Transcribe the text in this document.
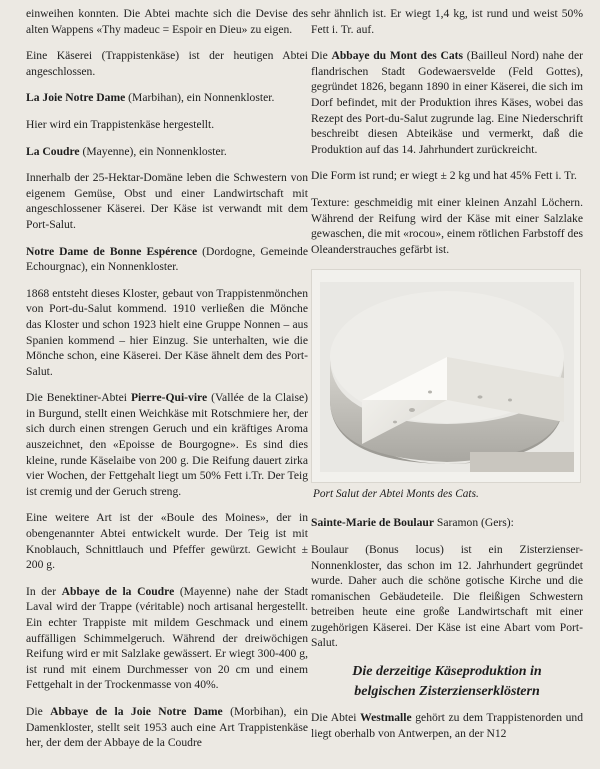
einweihen konnten. Die Abtei machte sich die Devise des alten Wappens «Thy madeuc = Espoir en Dieu» zu eigen.

Eine Käserei (Trappistenkäse) ist der heutigen Abtei angeschlossen.

La Joie Notre Dame (Marbihan), ein Nonnenkloster.

Hier wird ein Trappistenkäse hergestellt.

La Coudre (Mayenne), ein Nonnenkloster.

Innerhalb der 25-Hektar-Domäne leben die Schwestern von eigenem Gemüse, Obst und einer Landwirtschaft mit angeschlossener Käserei. Der Käse ist verwandt mit dem Port-Salut.

Notre Dame de Bonne Espérence (Dordogne, Gemeinde Echourgnac), ein Nonnenkloster.

1868 entsteht dieses Kloster, gebaut von Trappistenmönchen von Port-du-Salut kommend. 1910 verließen die Mönche das Kloster und schon 1923 hielt eine Gruppe Nonnen – aus Spanien kommend – hier Einzug. Sie unterhalten, wie die Mönche schon, eine Käserei. Der Käse ähnelt dem des Port-Salut.

Die Benektiner-Abtei Pierre-Qui-vire (Vallée de la Claise) in Burgund, stellt einen Weichkäse mit Rotschmiere her, der sich durch einen strengen Geruch und ein kräftiges Aroma auszeichnet, den «Epoisse de Bourgogne». Es sind dies kleine, runde Käselaibe von 200 g. Die Reifung dauert zirka vier Wochen, der Fettgehalt liegt um 50% Fett i.Tr. Der Teig ist cremig und der Geruch streng.

Eine weitere Art ist der «Boule des Moines», der in obengenannter Abtei entwickelt wurde. Der Teig ist mit Knoblauch, Schnittlauch und Pfeffer gewürzt. Gewicht ± 200 g.

In der Abbaye de la Coudre (Mayenne) nahe der Stadt Laval wird der Trappe (véritable) noch artisanal hergestellt. Ein echter Trappiste mit mildem Geschmack und einem auffälligen Schimmelgeruch. Während der dreiwöchigen Reifung wird er mit Salzlake gewässert. Er wiegt 300-400 g, ist rund mit einem Durchmesser von 20 cm und einem Fettgehalt in der Trockenmasse von 40%.

Die Abbaye de la Joie Notre Dame (Morbihan), ein Damenkloster, stellt seit 1953 auch eine Art Trappistenkäse her, der dem der Abbaye de la Coudre

sehr ähnlich ist. Er wiegt 1,4 kg, ist rund und weist 50% Fett i. Tr. auf.

Die Abbaye du Mont des Cats (Bailleul Nord) nahe der flandrischen Stadt Godewaersvelde (Feld Gottes), gegründet 1826, begann 1890 in einer Käserei, die sich im Dorf befindet, mit der Produktion ihres Käses, wobei das Rezept des Port-du-Salut zugrunde lag. Eine Niederschrift beschreibt diesen Abteikäse und vermerkt, daß die Produktion auf das 14. Jahrhundert zurückreicht.

Die Form ist rund; er wiegt ± 2 kg und hat 45% Fett i. Tr.

Texture: geschmeidig mit einer kleinen Anzahl Löchern. Während der Reifung wird der Käse mit einer Salzlake gewaschen, die mit «rocou», einem rötlichen Farbstoff des Oleanderstrauches gefärbt ist.

Port Salut der Abtei Monts des Cats.

Sainte-Marie de Boulaur Saramon (Gers):

Boulaur (Bonus locus) ist ein Zisterzienser-Nonnenkloster, das schon im 12. Jahrhundert gegründet wurde. Daher auch die schöne gotische Kirche und die romanischen Gebäudeteile. Die fleißigen Schwestern betreiben heute eine große Landwirtschaft mit einer zugehörigen Käserei. Der Käse ist eine Abart vom Port-Salut.

Die derzeitige Käseproduktion in
belgischen Zisterzienserklöstern

Die Abtei Westmalle gehört zu dem Trappistenorden und liegt oberhalb von Antwerpen, an der N12
